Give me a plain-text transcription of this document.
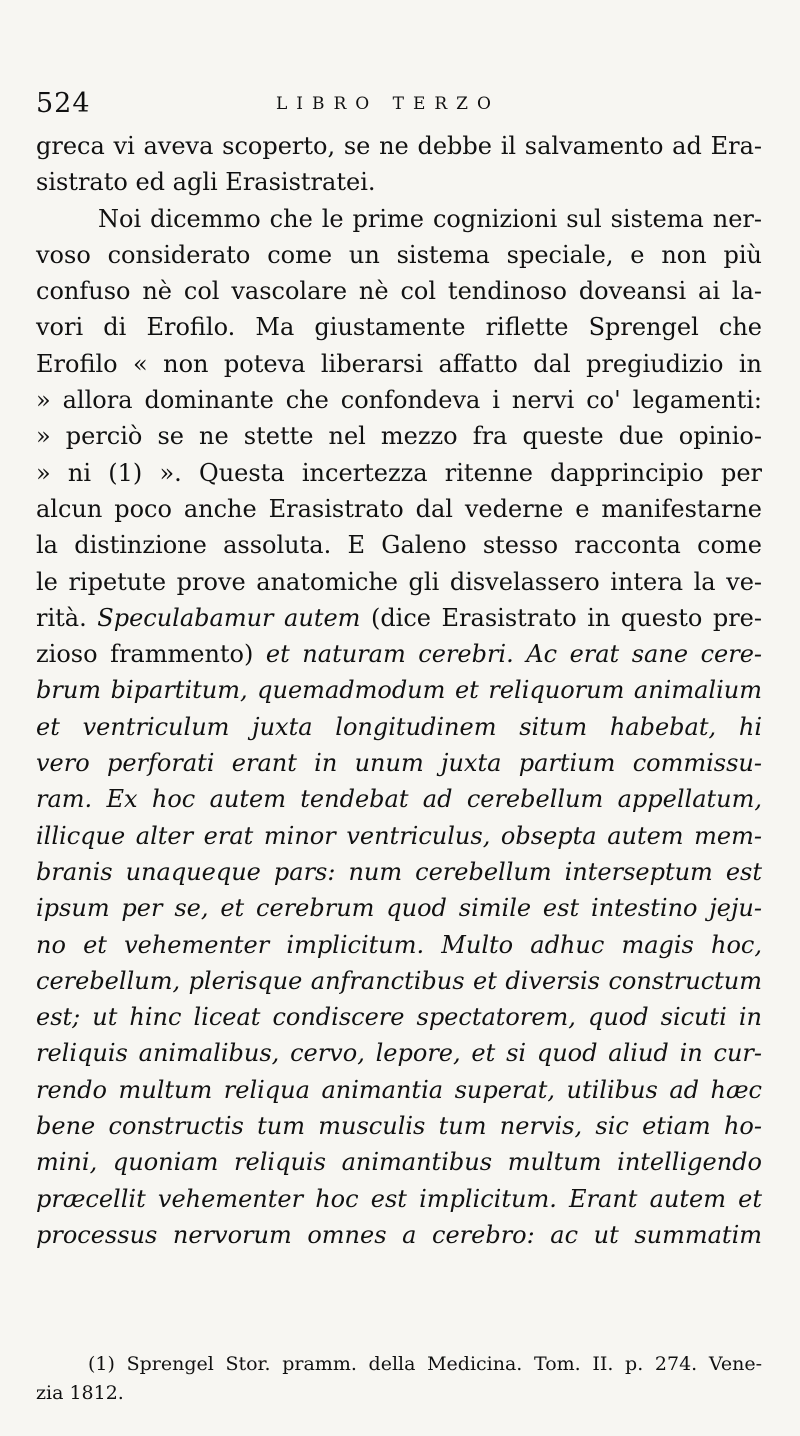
524	LIBRO TERZO
greca vi aveva scoperto, se ne debbe il salvamento ad Era-
sistrato ed agli Erasistratei.
Noi dicemmo che le prime cognizioni sul sistema ner-
voso considerato come un sistema speciale, e non più
confuso nè col vascolare nè col tendinoso doveansi ai la-
vori di Erofilo. Ma giustamente riflette Sprengel che
Erofilo « non poteva liberarsi affatto dal pregiudizio in
» allora dominante che confondeva i nervi co' legamenti:
» perciò se ne stette nel mezzo fra queste due opinio-
» ni (1) ». Questa incertezza ritenne dapprincipio per
alcun poco anche Erasistrato dal vederne e manifestarne
la distinzione assoluta. E Galeno stesso racconta come
le ripetute prove anatomiche gli disvelassero intera la ve-
rità. Speculabamur autem (dice Erasistrato in questo pre-
zioso frammento) et naturam cerebri. Ac erat sane cere-
brum bipartitum, quemadmodum et reliquorum animalium
et ventriculum juxta longitudinem situm habebat, hi
vero perforati erant in unum juxta partium commissu-
ram. Ex hoc autem tendebat ad cerebellum appellatum,
illicque alter erat minor ventriculus, obsepta autem mem-
branis unaqueque pars: num cerebellum interseptum est
ipsum per se, et cerebrum quod simile est intestino jeju-
no et vehementer implicitum. Multo adhuc magis hoc,
cerebellum, plerisque anfranctibus et diversis constructum
est; ut hinc liceat condiscere spectatorem, quod sicuti in
reliquis animalibus, cervo, lepore, et si quod aliud in cur-
rendo multum reliqua animantia superat, utilibus ad hæc
bene constructis tum musculis tum nervis, sic etiam ho-
mini, quoniam reliquis animantibus multum intelligendo
præcellit vehementer hoc est implicitum. Erant autem et
processus nervorum omnes a cerebro: ac ut summatim
(1) Sprengel Stor. pramm. della Medicina. Tom. II. p. 274. Vene-
zia 1812.
